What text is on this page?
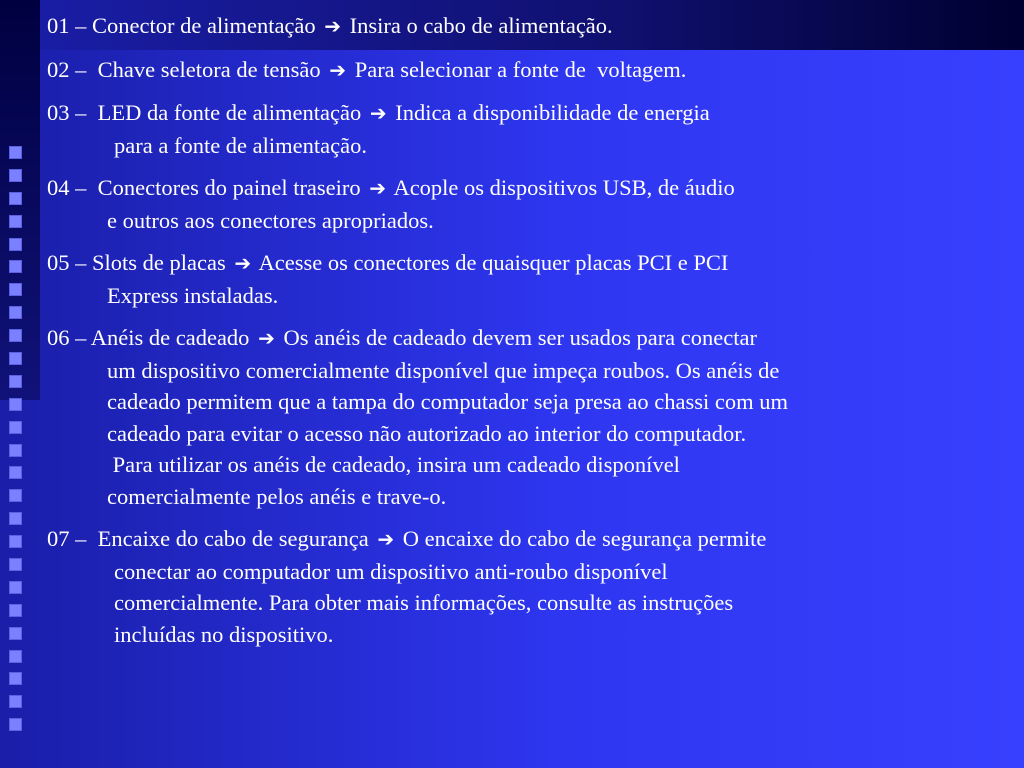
01 – Conector de alimentação ➔ Insira o cabo de alimentação.
02 –  Chave seletora de tensão ➔ Para selecionar a fonte de  voltagem.
03 –  LED da fonte de alimentação ➔ Indica a disponibilidade de energia
para a fonte de alimentação.
04 –  Conectores do painel traseiro ➔ Acople os dispositivos USB, de áudio
e outros aos conectores apropriados.
05 – Slots de placas ➔ Acesse os conectores de quaisquer placas PCI e PCI
Express instaladas.
06 – Anéis de cadeado ➔ Os anéis de cadeado devem ser usados para conectar
um dispositivo comercialmente disponível que impeça roubos. Os anéis de
cadeado permitem que a tampa do computador seja presa ao chassi com um
cadeado para evitar o acesso não autorizado ao interior do computador.
Para utilizar os anéis de cadeado, insira um cadeado disponível
comercialmente pelos anéis e trave-o.
07 –  Encaixe do cabo de segurança ➔ O encaixe do cabo de segurança permite
conectar ao computador um dispositivo anti-roubo disponível
comercialmente. Para obter mais informações, consulte as instruções
incluídas no dispositivo.
